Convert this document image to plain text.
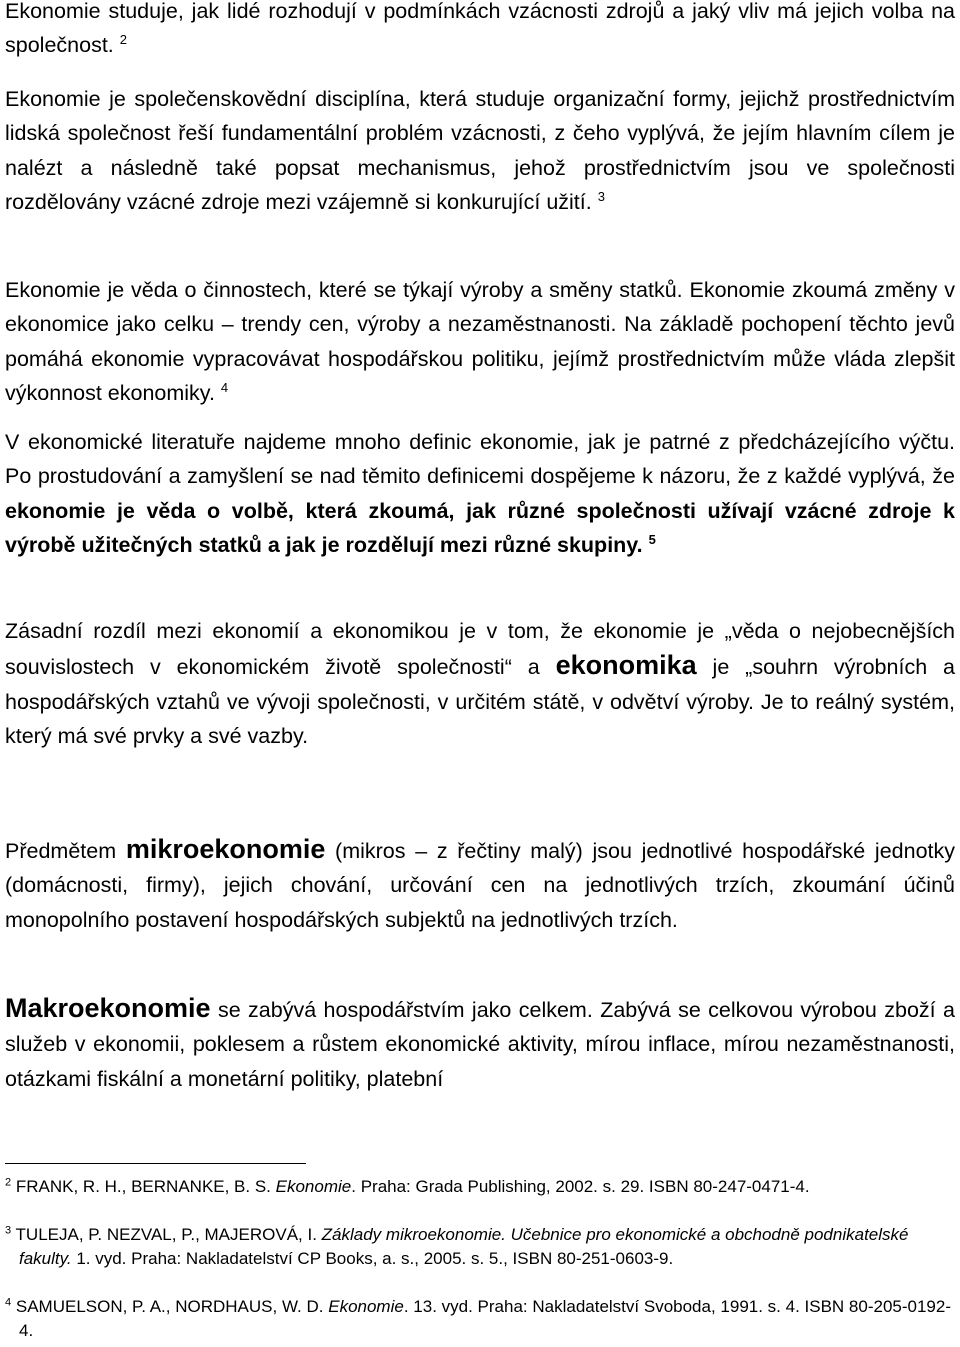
Ekonomie studuje, jak lidé rozhodují v podmínkách vzácnosti zdrojů a jaký vliv má jejich volba na společnost. $^2$

Ekonomie je společenskovědní disciplína, která studuje organizační formy, jejichž prostřednictvím lidská společnost řeší fundamentální problém vzácnosti, z čeho vyplývá, že jejím hlavním cílem je nalézt a následně také popsat mechanismus, jehož prostřednictvím jsou ve společnosti rozdělovány vzácné zdroje mezi vzájemně si konkurující užití. $^3$

Ekonomie je věda o činnostech, které se týkají výroby a směny statků. Ekonomie zkoumá změny v ekonomice jako celku – trendy cen, výroby a nezaměstnanosti. Na základě pochopení těchto jevů pomáhá ekonomie vypracovávat hospodářskou politiku, jejímž prostřednictvím může vláda zlepšit výkonnost ekonomiky. $^4$

V ekonomické literatuře najdeme mnoho definic ekonomie, jak je patrné z předcházejícího výčtu. Po prostudování a zamyšlení se nad těmito definicemi dospějeme k názoru, že z každé vyplývá, že ekonomie je věda o volbě, která zkoumá, jak různé společnosti užívají vzácné zdroje k výrobě užitečných statků a jak je rozdělují mezi různé skupiny. $^5$

Zásadní rozdíl mezi ekonomií a ekonomikou je v tom, že ekonomie je „věda o nejobecnějších souvislostech v ekonomickém životě společnosti“ a ekonomika je „souhrn výrobních a hospodářských vztahů ve vývoji společnosti, v určitém státě, v odvětví výroby. Je to reálný systém, který má své prvky a své vazby.

Předmětem mikroekonomie (mikros – z řečtiny malý) jsou jednotlivé hospodářské jednotky (domácnosti, firmy), jejich chování, určování cen na jednotlivých trzích, zkoumání účinů monopolního postavení hospodářských subjektů na jednotlivých trzích.

Makroekonomie se zabývá hospodářstvím jako celkem. Zabývá se celkovou výrobou zboží a služeb v ekonomii, poklesem a růstem ekonomické aktivity, mírou inflace, mírou nezaměstnanosti, otázkami fiskální a monetární politiky, platební

$^2$ FRANK, R. H., BERNANKE, B. S. Ekonomie. Praha: Grada Publishing, 2002. s. 29. ISBN 80-247-0471-4.

$^3$ TULEJA, P. NEZVAL, P., MAJEROVÁ, I. Základy mikroekonomie. Učebnice pro ekonomické a obchodně podnikatelské fakulty. 1. vyd. Praha: Nakladatelství CP Books, a. s., 2005. s. 5., ISBN 80-251-0603-9.

$^4$ SAMUELSON, P. A., NORDHAUS, W. D. Ekonomie. 13. vyd. Praha: Nakladatelství Svoboda, 1991. s. 4. ISBN 80-205-0192-4.
